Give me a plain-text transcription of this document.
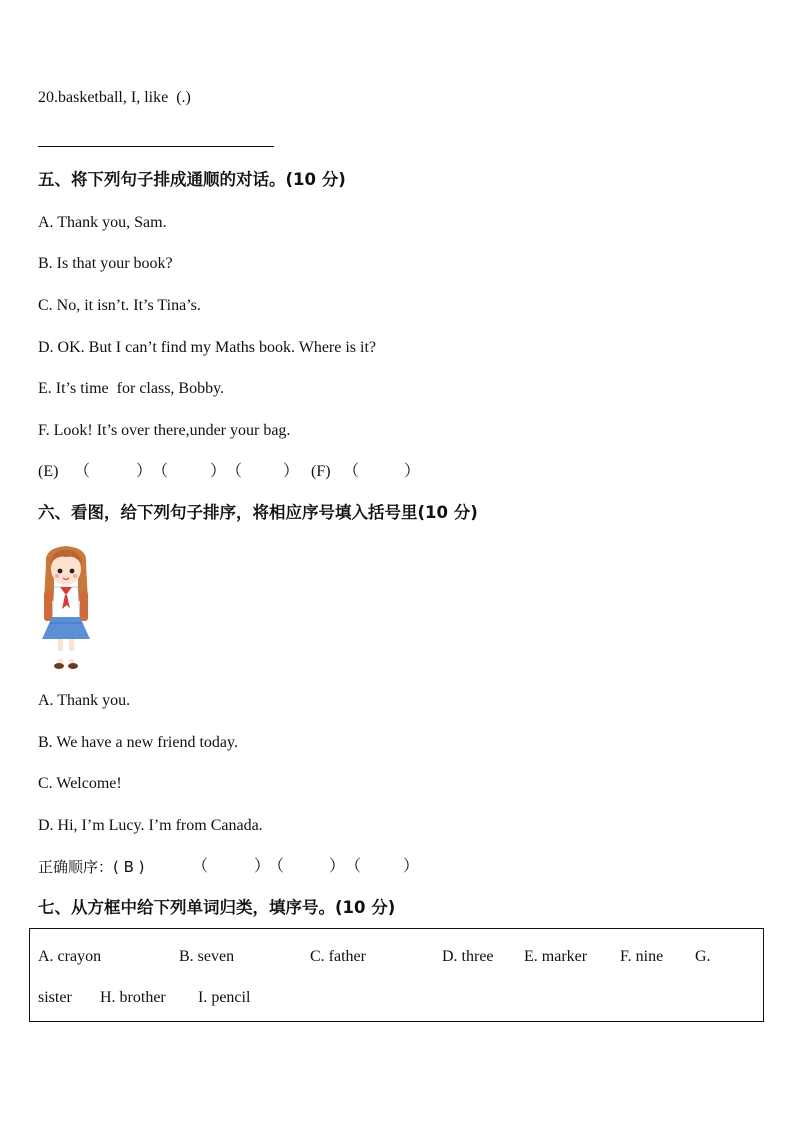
20.basketball, I, like  (.)
五、将下列句子排成通顺的对话。(10 分)
A. Thank you, Sam.
B. Is that your book?
C. No, it isn’t. It’s Tina’s.
D. OK. But I can’t find my Maths book. Where is it?
E. It’s time  for class, Bobby.
F. Look! It’s over there,under your bag.
(E) （	） （	） （	） (F) （	）
六、看图，给下列句子排序，将相应序号填入括号里(10 分)
A. Thank you.
B. We have a new friend today.
C. Welcome!
D. Hi, I’m Lucy. I’m from Canada.
正确顺序：( B )	（	）
（	） （	）
七、从方框中给下列单词归类，填序号。(10 分)
A. crayon	B. seven	C. father	D. three E. marker F. nine G.
sister H. brother I. pencil
